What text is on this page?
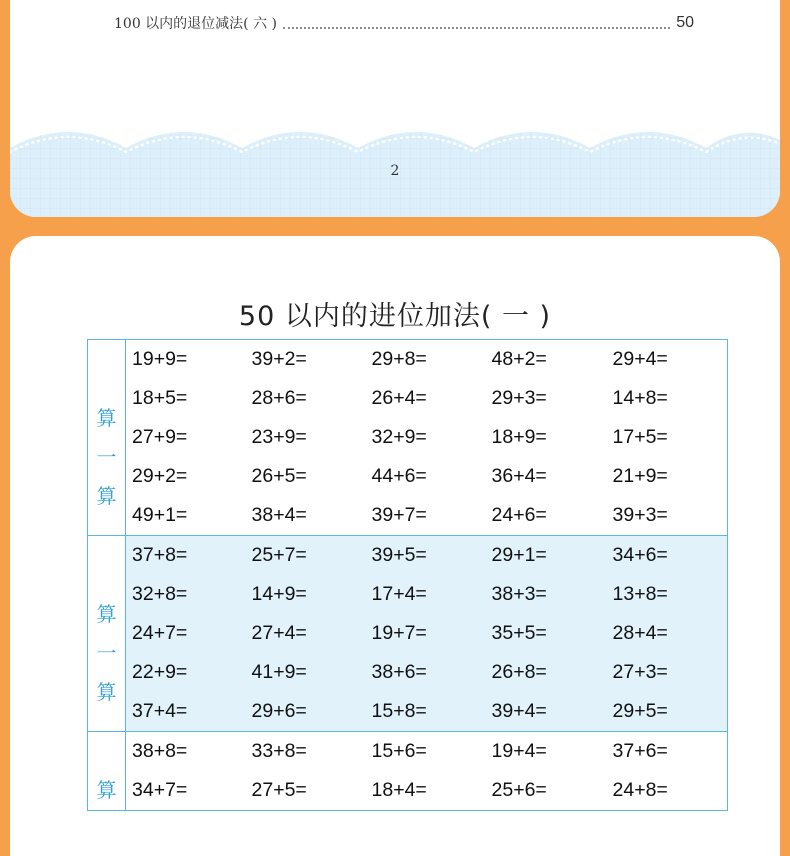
100 以内的退位减法( 六 )	50
2
50 以内的进位加法( 一 )
算
一
算	19+9=	39+2=	29+8=	48+2=	29+4=
	18+5=	28+6=	26+4=	29+3=	14+8=
	27+9=	23+9=	32+9=	18+9=	17+5=
	29+2=	26+5=	44+6=	36+4=	21+9=
	49+1=	38+4=	39+7=	24+6=	39+3=

算
一
算	37+8=	25+7=	39+5=	29+1=	34+6=
	32+8=	14+9=	17+4=	38+3=	13+8=
	24+7=	27+4=	19+7=	35+5=	28+4=
	22+9=	41+9=	38+6=	26+8=	27+3=
	37+4=	29+6=	15+8=	39+4=	29+5=

算	38+8=	33+8=	15+6=	19+4=	37+6=
	34+7=	27+5=	18+4=	25+6=	24+8=
